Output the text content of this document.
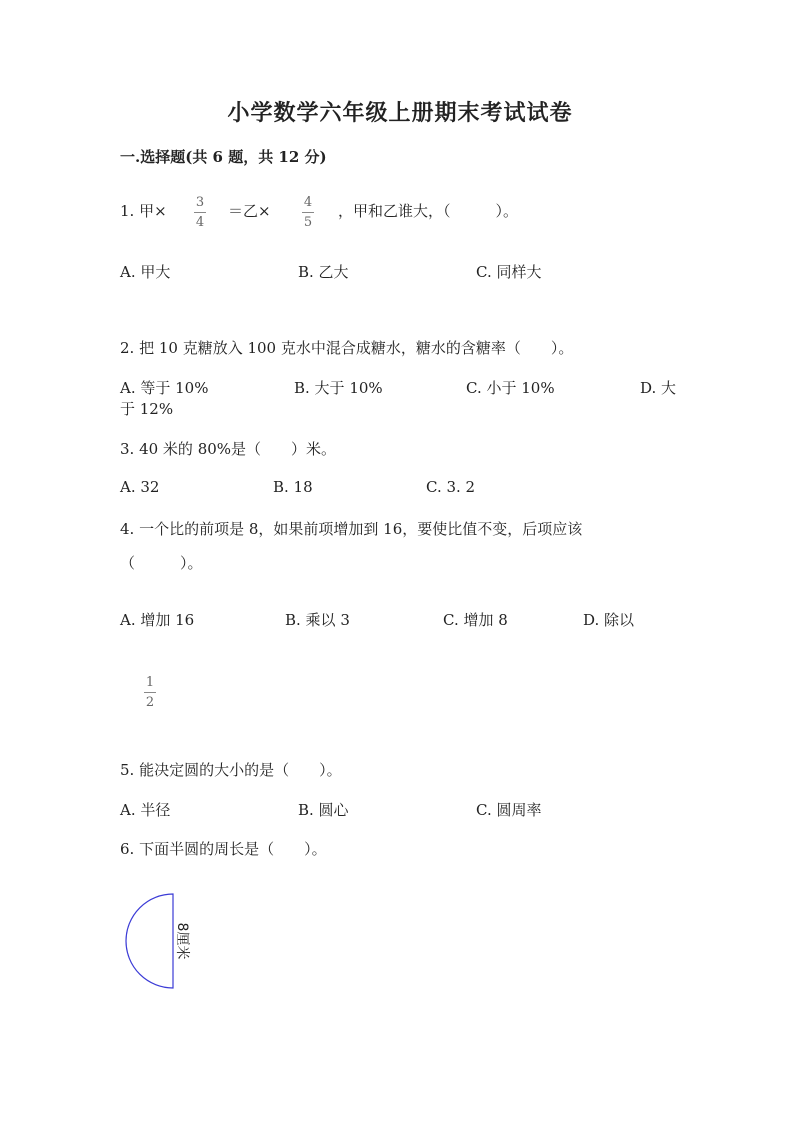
小学数学六年级上册期末考试试卷
一.选择题(共 6 题，共 12 分)
1. 甲× 3
4
＝乙×	4
5
，甲和乙谁大，（　　　）。
A. 甲大	B. 乙大	C. 同样大
2. 把 10 克糖放入 100 克水中混合成糖水，糖水的含糖率（　　）。
A. 等于 10%	B. 大于 10%	C. 小于 10%	D. 大
于 12%
3. 40 米的 80%是（　　）米。
A. 32	B. 18	C. 3. 2
4. 一个比的前项是 8，如果前项增加到 16，要使比值不变，后项应该
（　　　）。
A. 增加 16	B. 乘以 3	C. 增加 8	D. 除以
1
2
5. 能决定圆的大小的是（　　）。
A. 半径	B. 圆心	C. 圆周率
6. 下面半圆的周长是（　　）。
8厘米
